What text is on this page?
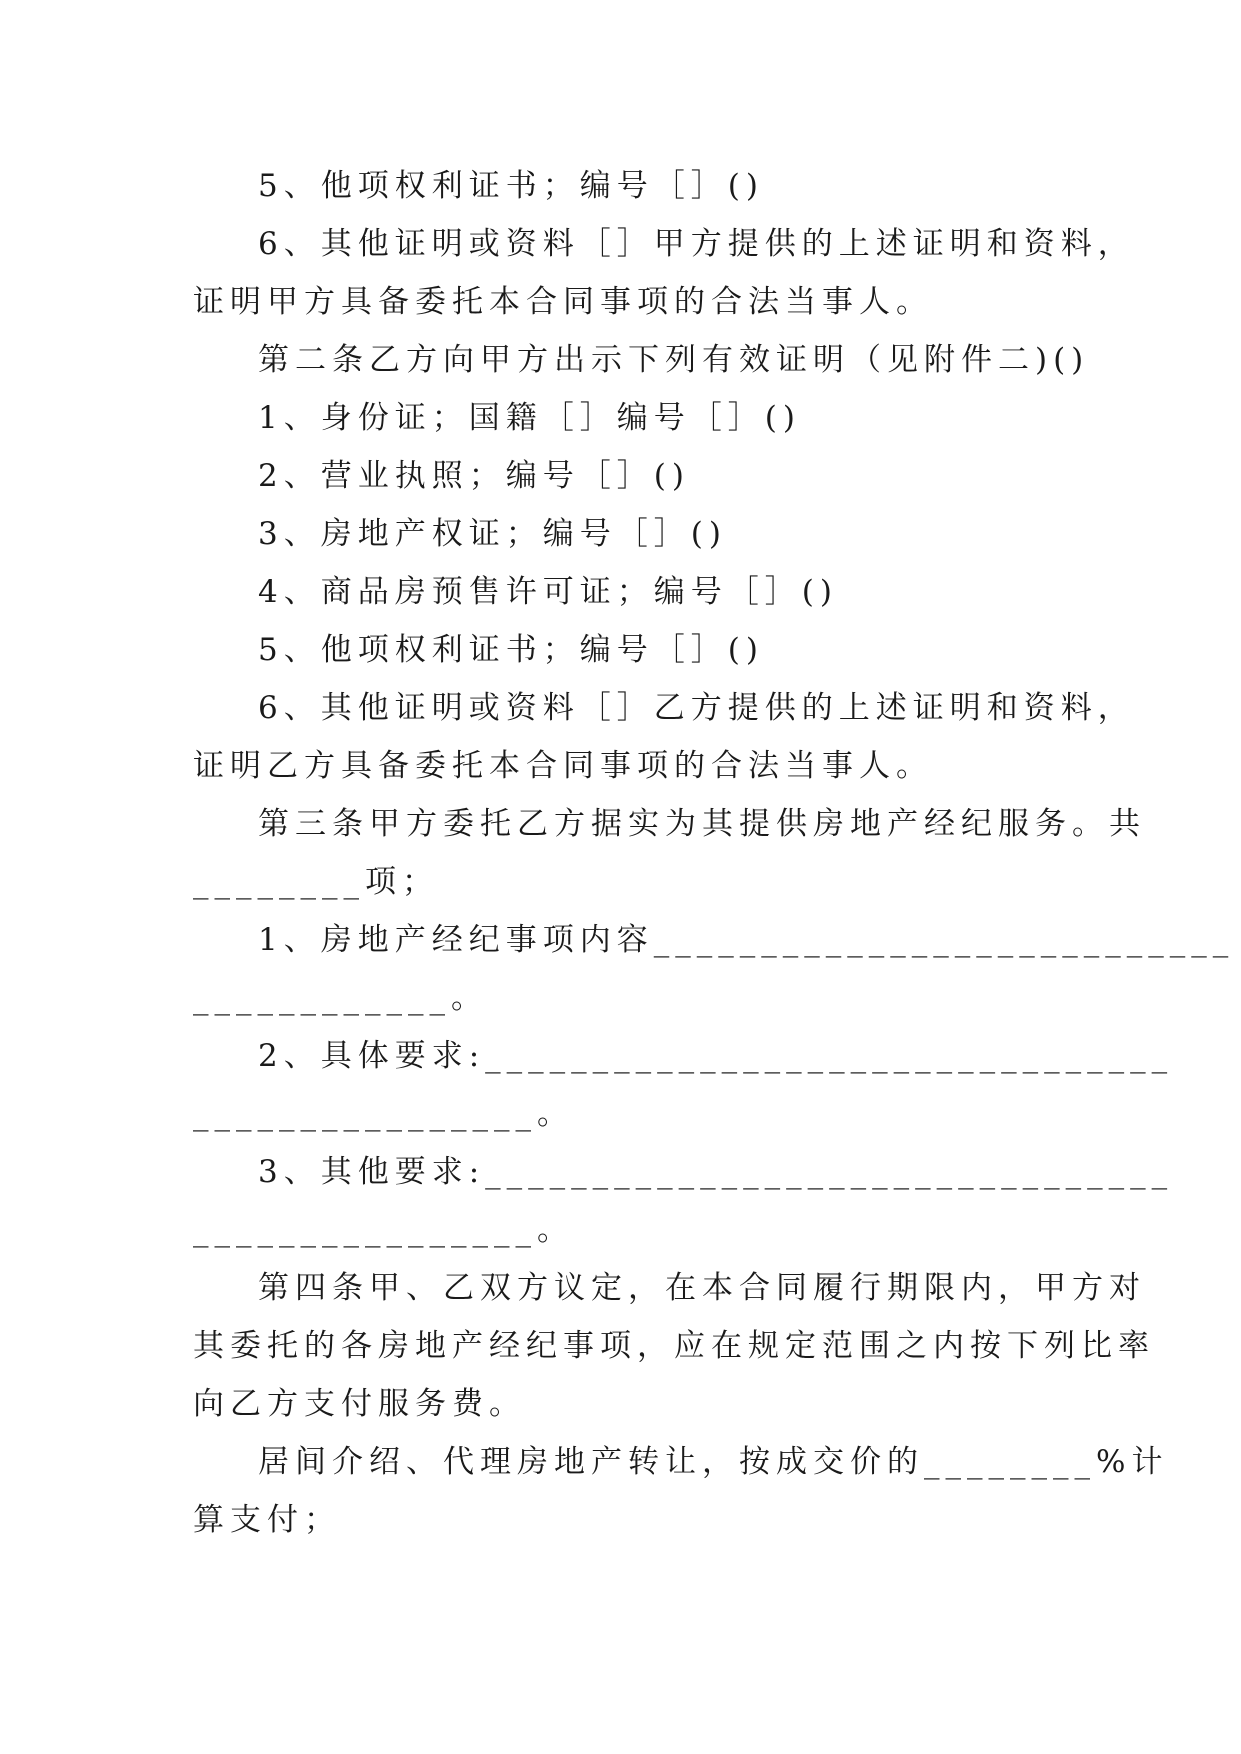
5、他项权利证书；编号［］()
6、其他证明或资料［］甲方提供的上述证明和资料，
证明甲方具备委托本合同事项的合法当事人。
第二条乙方向甲方出示下列有效证明（见附件二)()
1、身份证；国籍［］编号［］()
2、营业执照；编号［］()
3、房地产权证；编号［］()
4、商品房预售许可证；编号［］()
5、他项权利证书；编号［］()
6、其他证明或资料［］乙方提供的上述证明和资料，
证明乙方具备委托本合同事项的合法当事人。
第三条甲方委托乙方据实为其提供房地产经纪服务。共
________项；
1、房地产经纪事项内容___________________________
____________。
2、具体要求:________________________________
________________。
3、其他要求:________________________________
________________。
第四条甲、乙双方议定，在本合同履行期限内，甲方对
其委托的各房地产经纪事项，应在规定范围之内按下列比率
向乙方支付服务费。
居间介绍、代理房地产转让，按成交价的________%计
算支付；
